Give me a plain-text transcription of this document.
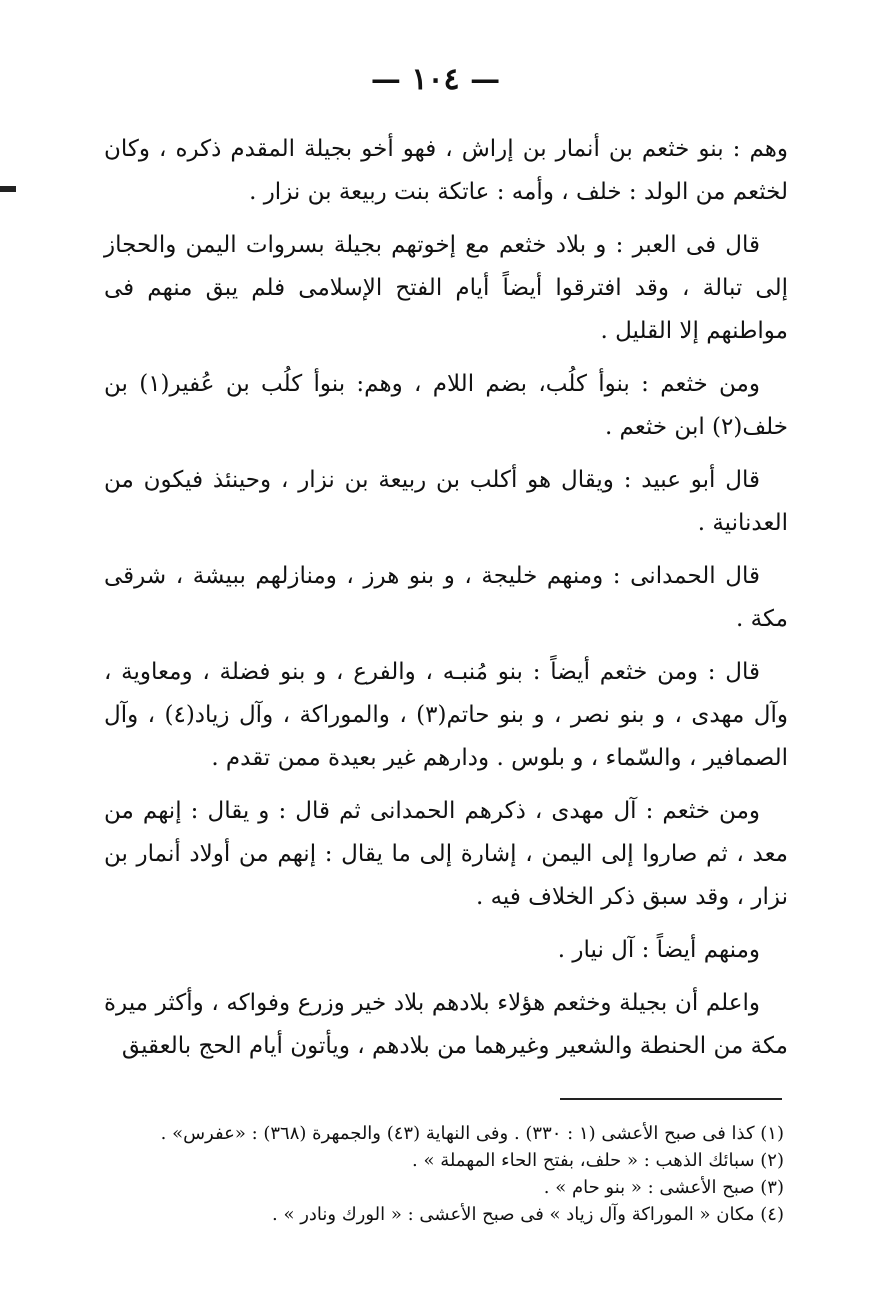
— ١٠٤ —

وهم : بنو خثعم بن أنمار بن إراش ، فهو أخو بجيلة المقدم ذكره ، وكان لخثعم من الولد : خلف ، وأمه : عاتكة بنت ربيعة بن نزار .

قال فى العبر : و بلاد خثعم مع إخوتهم بجيلة بسروات اليمن والحجاز إلى تبالة ، وقد افترقوا أيضاً أيام الفتح الإسلامى فلم يبق منهم فى مواطنهم إلا القليل .

ومن خثعم : بنوأ كلُب، بضم اللام ، وهم: بنوأ كلُب بن عُفير(١) بن خلف(٢) ابن خثعم .

قال أبو عبيد : ويقال هو أكلب بن ربيعة بن نزار ، وحينئذ فيكون من العدنانية .

قال الحمدانى : ومنهم خليجة ، و بنو هرز ، ومنازلهم ببيشة ، شرقى مكة .

قال : ومن خثعم أيضاً : بنو مُنبـه ، والفرع ، و بنو فضلة ، ومعاوية ، وآل مهدى ، و بنو نصر ، و بنو حاتم(٣) ، والموراكة ، وآل زياد(٤) ، وآل الصمافير ، والسّماء ، و بلوس . ودارهم غير بعيدة ممن تقدم .

ومن خثعم : آل مهدى ، ذكرهم الحمدانى ثم قال : و يقال : إنهم من معد ، ثم صاروا إلى اليمن ، إشارة إلى ما يقال : إنهم من أولاد أنمار بن نزار ، وقد سبق ذكر الخلاف فيه .

ومنهم أيضاً : آل نيار .

واعلم أن بجيلة وخثعم هؤلاء بلادهم بلاد خير وزرع وفواكه ، وأكثر ميرة مكة من الحنطة والشعير وغيرهما من بلادهم ، ويأتون أيام الحج بالعقيق

(١) كذا فى صبح الأعشى (١ : ٣٣٠) . وفى النهاية (٤٣) والجمهرة (٣٦٨) : «عفرس» .

(٢) سبائك الذهب : « حلف، بفتح الحاء المهملة » .

(٣) صبح الأعشى : « بنو حام » .

(٤) مكان « الموراكة وآل زياد » فى صبح الأعشى : « الورك ونادر » .
